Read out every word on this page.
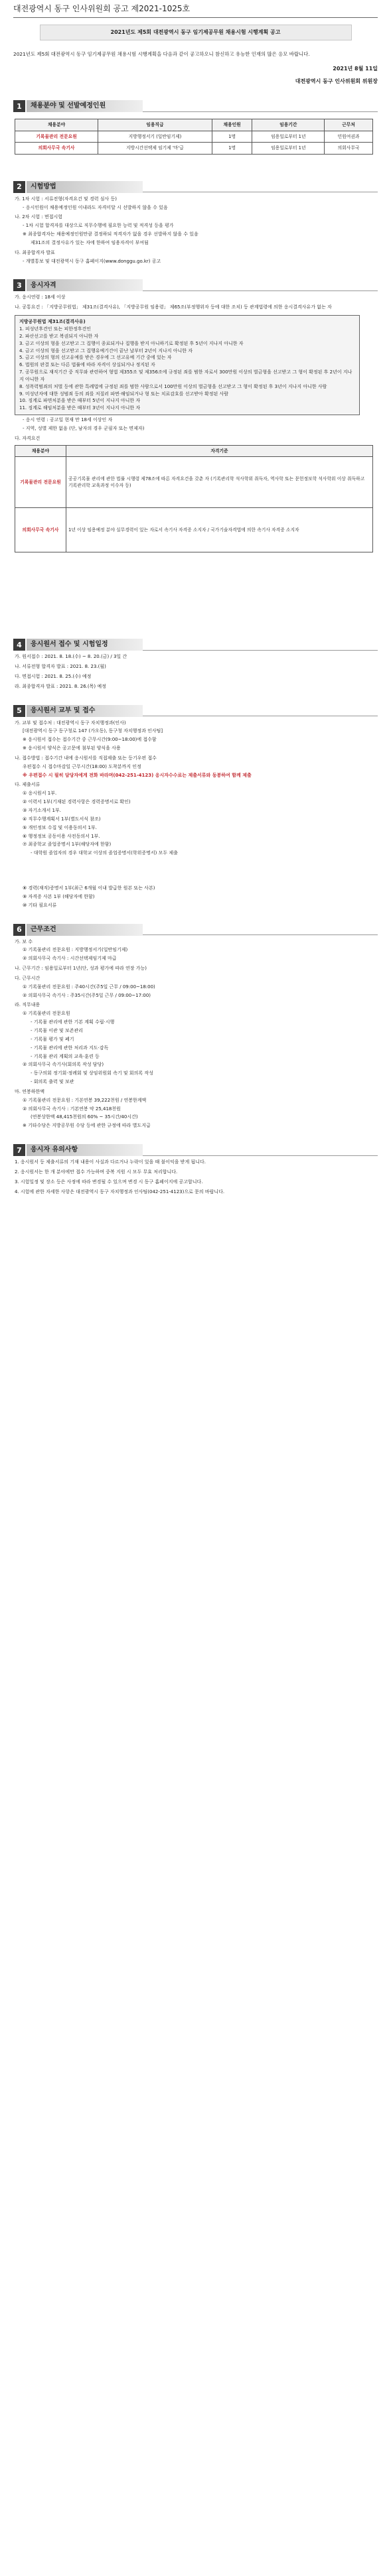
대전광역시 동구 인사위원회 공고 제2021-1025호
2021년도 제5회 대전광역시 동구 임기제공무원 채용시험 시행계획 공고
2021년도 제5회 대전광역시 동구 임기제공무원 채용시험 시행계획을 다음과 같이 공고하오니 참신하고 유능한 인재의 많은 응모 바랍니다.
2021년 8월 11일
대전광역시 동구 인사위원회 위원장
1	채용분야 및 선발예정인원
채용분야	임용직급	채용인원	임용기간	근무처
기록물관리 전문요원	지방행정서기 (일반임기제)	1명	임용일로부터 1년	민원여권과
의회사무국 속기사	지방시간선택제 임기제 '마'급	1명	임용일로부터 1년	의회사무국
2	시험방법
가. 1차 시험 : 서류전형(자격요건 및 경력 심사 등)
- 응시인원이 채용예정인원 이내라도 자격미달 시 선발하지 않을 수 있음
나. 2차 시험 : 면접시험
- 1차 시험 합격자를 대상으로 직무수행에 필요한 능력 및 적격성 등을 평가
※ 최종합격자는 채용예정인원만큼 결정하되 적격자가 없을 경우 선발하지 않을 수 있음
제31조의 결정사유가 있는 자에 한하여 임용자격이 부여됨
다. 최종합격자 발표
- 개별통보 및 대전광역시 동구 홈페이지(www.donggu.go.kr) 공고
3	응시자격
가. 응시연령 : 18세 이상
나. 공통요건 : 「지방공무원법」 제31조(결격사유), 「지방공무원 임용령」 제65조(부정행위자 등에 대한 조치) 등 관계법령에 의한 응시결격사유가 없는 자
지방공무원법 제31조(결격사유)
1. 피성년후견인 또는 피한정후견인
2. 파산선고를 받고 복권되지 아니한 자
3. 금고 이상의 형을 선고받고 그 집행이 종료되거나 집행을 받지 아니하기로 확정된 후 5년이 지나지 아니한 자
4. 금고 이상의 형을 선고받고 그 집행유예기간이 끝난 날부터 2년이 지나지 아니한 자
5. 금고 이상의 형의 선고유예를 받은 경우에 그 선고유예 기간 중에 있는 자
6. 법원의 판결 또는 다른 법률에 따라 자격이 상실되거나 정지된 자
7. 공무원으로 재직기간 중 직무와 관련하여 형법 제355조 및 제356조에 규정된 죄를 범한 자로서 300만원 이상의 벌금형을 선고받고 그 형이 확정된 후 2년이 지나지 아니한 자
8. 성폭력범죄의 처벌 등에 관한 특례법에 규정된 죄를 범한 사람으로서 100만원 이상의 벌금형을 선고받고 그 형이 확정된 후 3년이 지나지 아니한 사람
9. 미성년자에 대한 성범죄 등의 죄를 저질러 파면·해임되거나 형 또는 치료감호를 선고받아 확정된 사람
10. 징계로 파면처분을 받은 때부터 5년이 지나지 아니한 자
11. 징계로 해임처분을 받은 때부터 3년이 지나지 아니한 자
- 응시 연령 : 공고일 현재 만 18세 이상인 자
- 지역, 성별 제한 없음 (단, 남자의 경우 군필자 또는 면제자)
다. 자격요건
채용분야	자격기준
기록물관리 전문요원	공공기록물 관리에 관한 법률 시행령 제78조에 따른 자격요건을 갖춘 자 (기록관리학 석사학위 취득자, 역사학 또는 문헌정보학 석사학위 이상 취득하고 기록관리학 교육과정 이수자 등)
의회사무국 속기사	1년 이상 임용예정 분야 실무경력이 있는 자로서 속기사 자격증 소지자 / 국가기술자격법에 의한 속기사 자격증 소지자
4	응시원서 접수 및 시험일정
가. 원서접수 : 2021. 8. 18.(수) ~ 8. 20.(금) / 3일 간
나. 서류전형 합격자 발표 : 2021. 8. 23.(월)
다. 면접시험 : 2021. 8. 25.(수) 예정
라. 최종합격자 발표 : 2021. 8. 26.(목) 예정
5	응시원서 교부 및 접수
가. 교부 및 접수처 : 대전광역시 동구 자치행정과(인사)
[대전광역시 동구 동구청로 147 (가오동), 동구청 자치행정과 인사팀]
※ 응시원서 접수는 접수기간 중 근무시간(9:00~18:00)에 접수함
※ 응시원서 양식은 공고문에 첨부된 양식을 사용
나. 접수방법 : 접수기간 내에 응시원서를 직접제출 또는 등기우편 접수
우편접수 시 접수마감일 근무시간(18:00) 도착분까지 인정
※ 우편접수 시 필히 담당자에게 전화 바라며(042-251-4123) 응시자수수료는 제출서류와 동봉하여 함께 제출
다. 제출서류
① 응시원서 1부.
② 이력서 1부(기재된 경력사항은 경력증명서로 확인)
③ 자기소개서 1부.
④ 직무수행계획서 1부(별도서식 참조)
⑤ 개인정보 수집 및 이용동의서 1부.
⑥ 행정정보 공동이용 사전동의서 1부.
⑦ 최종학교 졸업증명서 1부(해당자에 한함)
- 대학원 졸업자의 경우 대학교 이상의 졸업증명서(학위증명서) 모두 제출
⑧ 경력(재직)증명서 1부(최근 6개월 이내 발급한 원본 또는 사본)
⑨ 자격증 사본 1부 (해당자에 한함)
⑩ 기타 필요서류
6	근무조건
가. 보 수
① 기록물관리 전문요원 : 지방행정서기(일반임기제)
② 의회사무국 속기사 : 시간선택제임기제 마급
나. 근무기간 : 임용일로부터 1년(단, 성과 평가에 따라 연장 가능)
다. 근무시간
① 기록물관리 전문요원 : 주40시간(주5일 근무 / 09:00~18:00)
② 의회사무국 속기사 : 주35시간(주5일 근무 / 09:00~17:00)
라. 직무내용
① 기록물관리 전문요원
- 기록물 관리에 관한 기본 계획 수립·시행
- 기록물 이관 및 보존관리
- 기록물 평가 및 폐기
- 기록물 관리에 관한 처리과 지도·감독
- 기록물 관리 계획의 교육·훈련 등
② 의회사무국 속기사(회의록 작성 담당)
- 동구의회 정기회·정례회 및 상임위원회 속기 및 회의록 작성
- 회의록 출력 및 보관
마. 연봉하한액
① 기록물관리 전문요원 : 기본연봉 39,222천원 / 연봉한계액
② 의회사무국 속기사 : 기본연봉 약 25,418천원
(연봉상한액 48,415천원의 60% ~ 35시간/40시간)
※ 기타수당은 지방공무원 수당 등에 관한 규정에 따라 별도지급
7	응시자 유의사항
1. 응시원서 등 제출서류의 기재 내용이 사실과 다르거나 누락이 있을 때 불이익을 받게 됩니다.
2. 응시원서는 한 개 분야에만 접수 가능하며 중복 지원 시 모두 무효 처리합니다.
3. 시험일정 및 장소 등은 사정에 따라 변경될 수 있으며 변경 시 동구 홈페이지에 공고합니다.
4. 시험에 관한 자세한 사항은 대전광역시 동구 자치행정과 인사팀(042-251-4123)으로 문의 바랍니다.
